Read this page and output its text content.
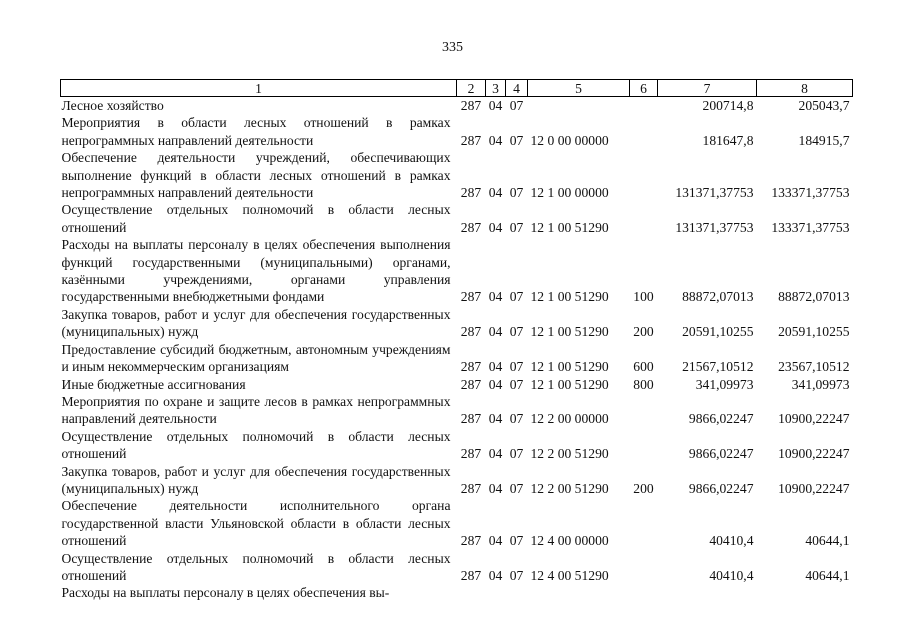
335
1	2	3	4	5	6	7	8
Лесное хозяйство	287	04	07			200714,8	205043,7
Мероприятия в области лесных отношений в рамках непрограммных направлений деятельности	287	04	07	12 0 00 00000		181647,8	184915,7
Обеспечение деятельности учреждений, обеспечивающих выполнение функций в области лесных отношений в рамках непрограммных направлений деятельности	287	04	07	12 1 00 00000		131371,37753	133371,37753
Осуществление отдельных полномочий в области лесных отношений	287	04	07	12 1 00 51290		131371,37753	133371,37753
Расходы на выплаты персоналу в целях обеспечения выполнения функций государственными (муниципальными) органами, казёнными учреждениями, органами управления государственными внебюджетными фондами	287	04	07	12 1 00 51290	100	88872,07013	88872,07013
Закупка товаров, работ и услуг для обеспечения государственных (муниципальных) нужд	287	04	07	12 1 00 51290	200	20591,10255	20591,10255
Предоставление субсидий бюджетным, автономным учреждениям и иным некоммерческим организациям	287	04	07	12 1 00 51290	600	21567,10512	23567,10512
Иные бюджетные ассигнования	287	04	07	12 1 00 51290	800	341,09973	341,09973
Мероприятия по охране и защите лесов в рамках непрограммных направлений деятельности	287	04	07	12 2 00 00000		9866,02247	10900,22247
Осуществление отдельных полномочий в области лесных отношений	287	04	07	12 2 00 51290		9866,02247	10900,22247
Закупка товаров, работ и услуг для обеспечения государственных (муниципальных) нужд	287	04	07	12 2 00 51290	200	9866,02247	10900,22247
Обеспечение деятельности исполнительного органа государственной власти Ульяновской области в области лесных отношений	287	04	07	12 4 00 00000		40410,4	40644,1
Осуществление отдельных полномочий в области лесных отношений	287	04	07	12 4 00 51290		40410,4	40644,1
Расходы на выплаты персоналу в целях обеспечения вы-							
